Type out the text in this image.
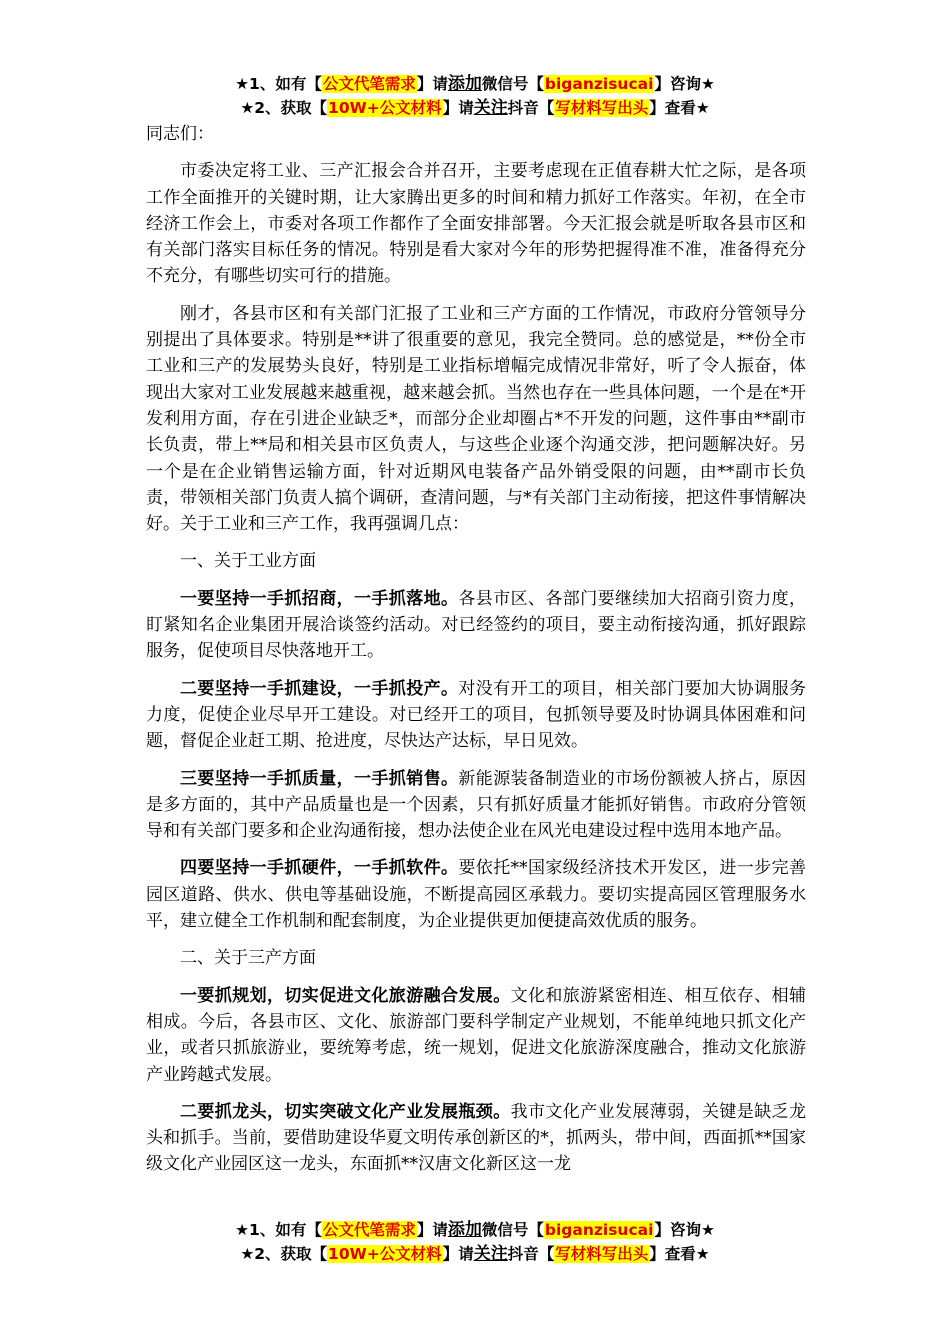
★1、如有【公文代笔需求】请添加微信号【biganzisucai】咨询★
★2、获取【10W+公文材料】请关注抖音【写材料写出头】查看★

同志们：

市委决定将工业、三产汇报会合并召开，主要考虑现在正值春耕大忙之际，是各项工作全面推开的关键时期，让大家腾出更多的时间和精力抓好工作落实。年初，在全市经济工作会上，市委对各项工作都作了全面安排部署。今天汇报会就是听取各县市区和有关部门落实目标任务的情况。特别是看大家对今年的形势把握得准不准，准备得充分不充分，有哪些切实可行的措施。

刚才，各县市区和有关部门汇报了工业和三产方面的工作情况，市政府分管领导分别提出了具体要求。特别是**讲了很重要的意见，我完全赞同。总的感觉是，**份全市工业和三产的发展势头良好，特别是工业指标增幅完成情况非常好，听了令人振奋，体现出大家对工业发展越来越重视，越来越会抓。当然也存在一些具体问题，一个是在*开发利用方面，存在引进企业缺乏*，而部分企业却圈占*不开发的问题，这件事由**副市长负责，带上**局和相关县市区负责人，与这些企业逐个沟通交涉，把问题解决好。另一个是在企业销售运输方面，针对近期风电装备产品外销受限的问题，由**副市长负责，带领相关部门负责人搞个调研，查清问题，与*有关部门主动衔接，把这件事情解决好。关于工业和三产工作，我再强调几点：

一、关于工业方面

一要坚持一手抓招商，一手抓落地。各县市区、各部门要继续加大招商引资力度，盯紧知名企业集团开展洽谈签约活动。对已经签约的项目，要主动衔接沟通，抓好跟踪服务，促使项目尽快落地开工。

二要坚持一手抓建设，一手抓投产。对没有开工的项目，相关部门要加大协调服务力度，促使企业尽早开工建设。对已经开工的项目，包抓领导要及时协调具体困难和问题，督促企业赶工期、抢进度，尽快达产达标，早日见效。

三要坚持一手抓质量，一手抓销售。新能源装备制造业的市场份额被人挤占，原因是多方面的，其中产品质量也是一个因素，只有抓好质量才能抓好销售。市政府分管领导和有关部门要多和企业沟通衔接，想办法使企业在风光电建设过程中选用本地产品。

四要坚持一手抓硬件，一手抓软件。要依托**国家级经济技术开发区，进一步完善园区道路、供水、供电等基础设施，不断提高园区承载力。要切实提高园区管理服务水平，建立健全工作机制和配套制度，为企业提供更加便捷高效优质的服务。

二、关于三产方面

一要抓规划，切实促进文化旅游融合发展。文化和旅游紧密相连、相互依存、相辅相成。今后，各县市区、文化、旅游部门要科学制定产业规划，不能单纯地只抓文化产业，或者只抓旅游业，要统筹考虑，统一规划，促进文化旅游深度融合，推动文化旅游产业跨越式发展。

二要抓龙头，切实突破文化产业发展瓶颈。我市文化产业发展薄弱，关键是缺乏龙头和抓手。当前，要借助建设华夏文明传承创新区的*，抓两头，带中间，西面抓**国家级文化产业园区这一龙头，东面抓**汉唐文化新区这一龙

★1、如有【公文代笔需求】请添加微信号【biganzisucai】咨询★
★2、获取【10W+公文材料】请关注抖音【写材料写出头】查看★
